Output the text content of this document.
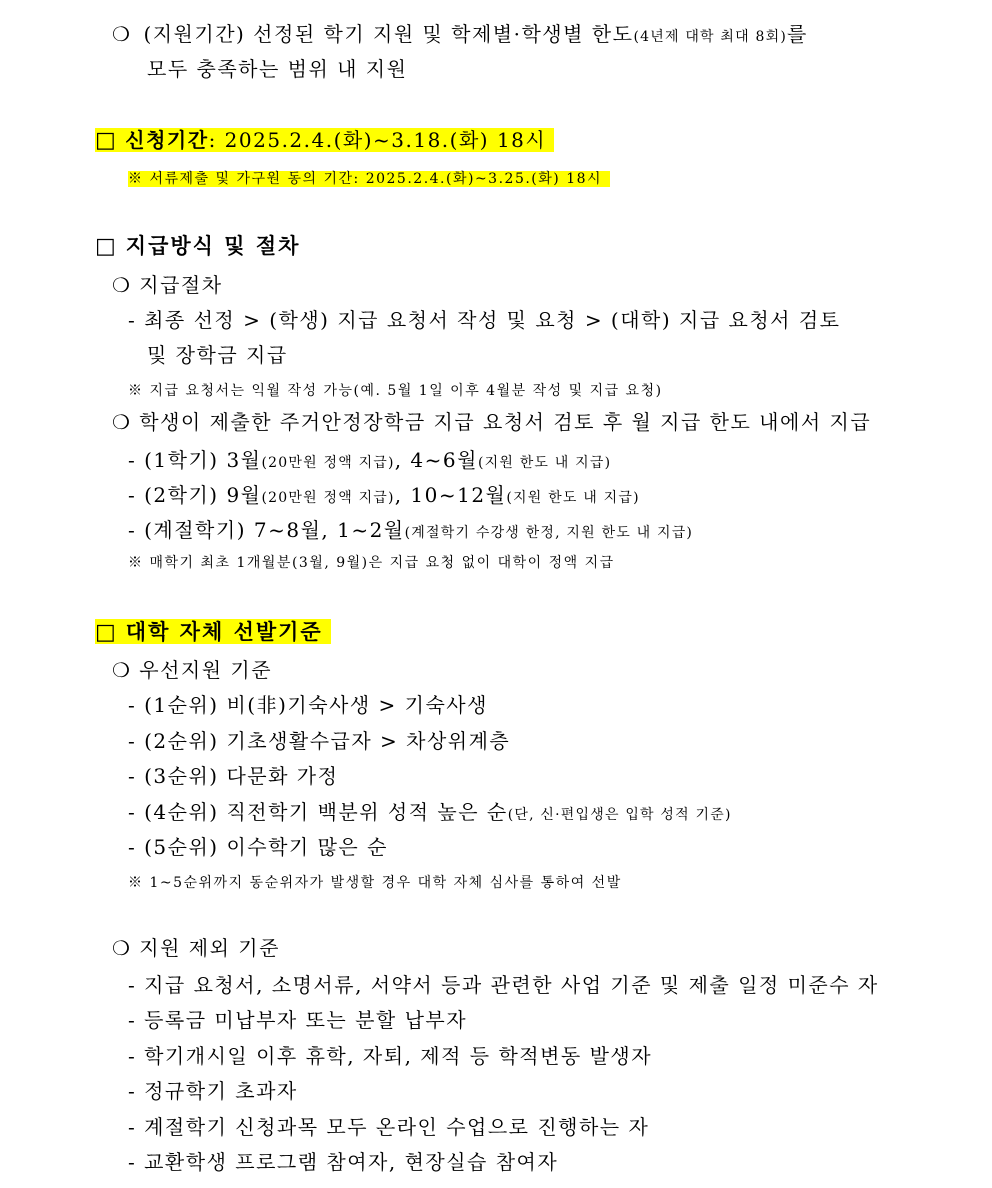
❍ (지원기간) 선정된 학기 지원 및 학제별·학생별 한도(4년제 대학 최대 8회)를
모두 충족하는 범위 내 지원
□ 신청기간: 2025.2.4.(화)~3.18.(화) 18시
※ 서류제출 및 가구원 동의 기간: 2025.2.4.(화)~3.25.(화) 18시
□ 지급방식 및 절차
❍ 지급절차
- 최종 선정 > (학생) 지급 요청서 작성 및 요청 > (대학) 지급 요청서 검토
및 장학금 지급
※ 지급 요청서는 익월 작성 가능(예. 5월 1일 이후 4월분 작성 및 지급 요청)
❍ 학생이 제출한 주거안정장학금 지급 요청서 검토 후 월 지급 한도 내에서 지급
- (1학기) 3월(20만원 정액 지급), 4~6월(지원 한도 내 지급)
- (2학기) 9월(20만원 정액 지급), 10~12월(지원 한도 내 지급)
- (계절학기) 7~8월, 1~2월(계절학기 수강생 한정, 지원 한도 내 지급)
※ 매학기 최초 1개월분(3월, 9월)은 지급 요청 없이 대학이 정액 지급
□ 대학 자체 선발기준
❍ 우선지원 기준
- (1순위) 비(非)기숙사생 > 기숙사생
- (2순위) 기초생활수급자 > 차상위계층
- (3순위) 다문화 가정
- (4순위) 직전학기 백분위 성적 높은 순(단, 신·편입생은 입학 성적 기준)
- (5순위) 이수학기 많은 순
※ 1~5순위까지 동순위자가 발생할 경우 대학 자체 심사를 통하여 선발
❍ 지원 제외 기준
- 지급 요청서, 소명서류, 서약서 등과 관련한 사업 기준 및 제출 일정 미준수 자
- 등록금 미납부자 또는 분할 납부자
- 학기개시일 이후 휴학, 자퇴, 제적 등 학적변동 발생자
- 정규학기 초과자
- 계절학기 신청과목 모두 온라인 수업으로 진행하는 자
- 교환학생 프로그램 참여자, 현장실습 참여자
